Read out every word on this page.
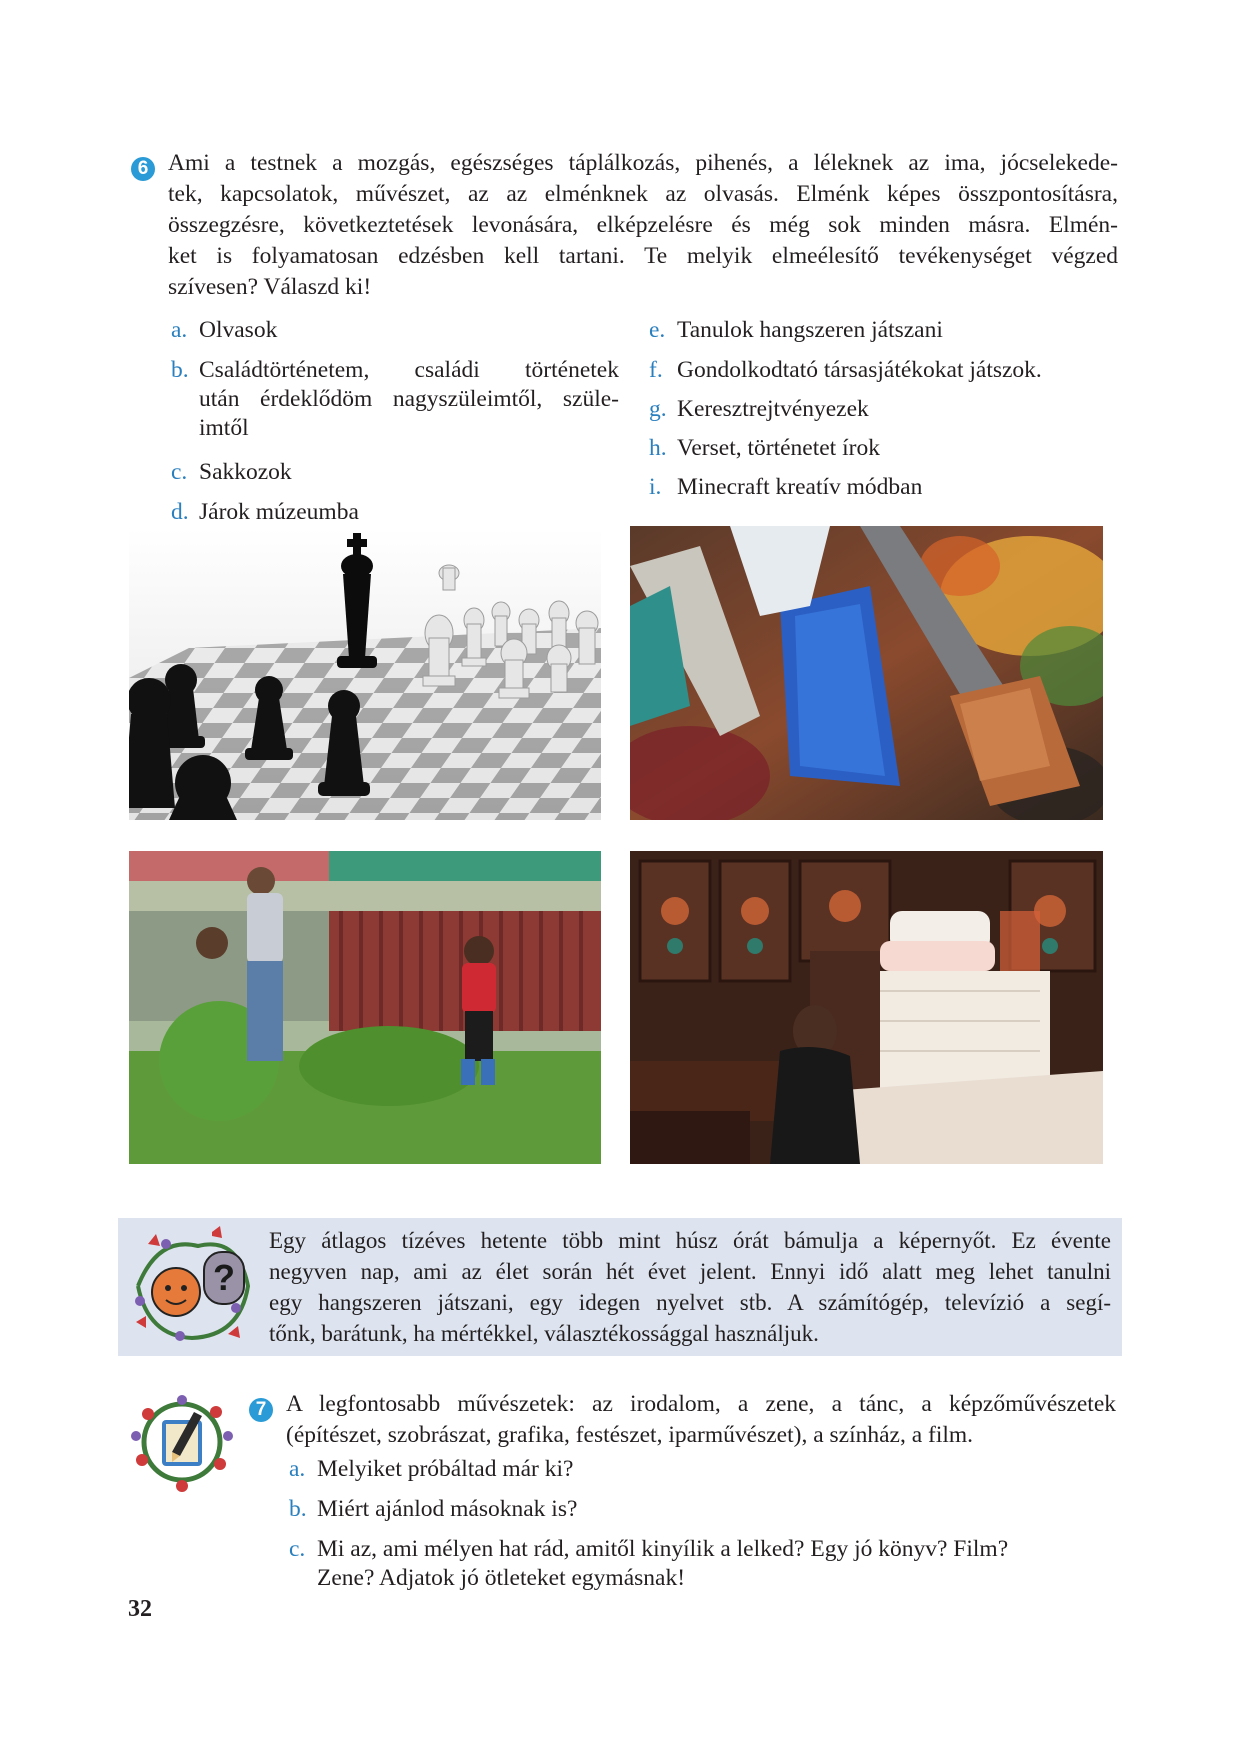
6 Ami a testnek a mozgás, egészséges táplálkozás, pihenés, a léleknek az ima, jócselekede-
tek, kapcsolatok, művészet, az az elménknek az olvasás. Elménk képes összpontosításra,
összegzésre, következtetések levonására, elképzelésre és még sok minden másra. Elmén-
ket is folyamatosan edzésben kell tartani. Te melyik elmeélesítő tevékenységet végzed
szívesen? Válaszd ki!
a. Olvasok
b. Családtörténetem, családi történetek
után érdeklődöm nagyszüleimtől, szüle-
imtől
c. Sakkozok
d. Járok múzeumba
e. Tanulok hangszeren játszani
f. Gondolkodtató társasjátékokat játszok.
g. Keresztrejtvényezek
h. Verset, történetet írok
i. Minecraft kreatív módban
?
Egy átlagos tízéves hetente több mint húsz órát bámulja a képernyőt. Ez évente
negyven nap, ami az élet során hét évet jelent. Ennyi idő alatt meg lehet tanulni
egy hangszeren játszani, egy idegen nyelvet stb. A számítógép, televízió a segí-
tőnk, barátunk, ha mértékkel, választékossággal használjuk.
7 A legfontosabb művészetek: az irodalom, a zene, a tánc, a képzőművészetek
(építészet, szobrászat, grafika, festészet, iparművészet), a színház, a film.
a. Melyiket próbáltad már ki?
b. Miért ajánlod másoknak is?
c. Mi az, ami mélyen hat rád, amitől kinyílik a lelked? Egy jó könyv? Film?
Zene? Adjatok jó ötleteket egymásnak!
32
